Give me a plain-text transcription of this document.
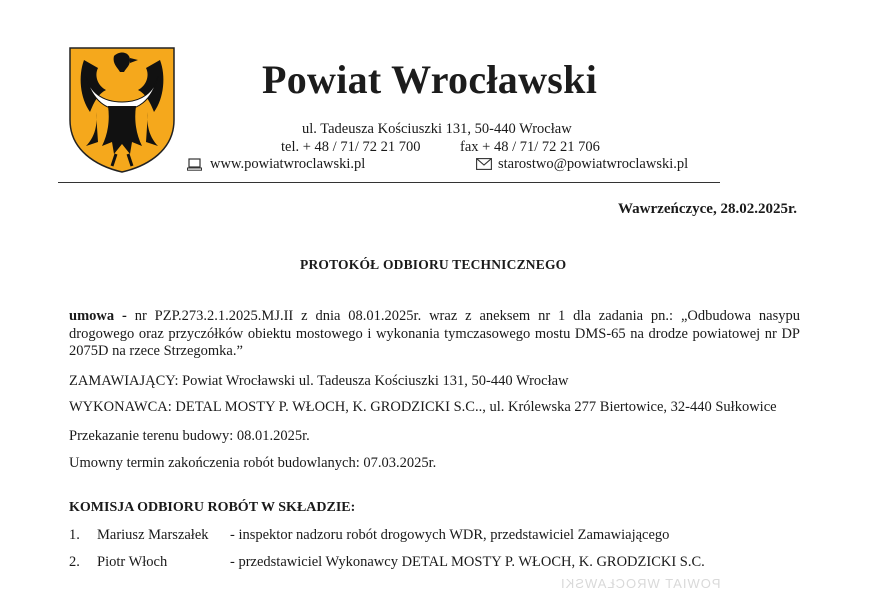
Powiat Wrocławski
ul. Tadeusza Kościuszki 131, 50-440 Wrocław
tel. + 48 / 71/ 72 21 700	fax + 48 / 71/ 72 21 706
www.powiatwroclawski.pl	starostwo@powiatwroclawski.pl
Wawrzeńczyce, 28.02.2025r.
PROTOKÓŁ ODBIORU TECHNICZNEGO
umowa - nr PZP.273.2.1.2025.MJ.II z dnia 08.01.2025r. wraz z aneksem nr 1 dla zadania pn.: „Odbudowa nasypu drogowego oraz przyczółków obiektu mostowego i wykonania tymczasowego mostu DMS-65 na drodze powiatowej nr DP 2075D na rzece Strzegomka.”
ZAMAWIAJĄCY: Powiat Wrocławski ul. Tadeusza Kościuszki 131, 50-440 Wrocław
WYKONAWCA: DETAL MOSTY P. WŁOCH, K. GRODZICKI S.C.., ul. Królewska 277 Biertowice, 32-440 Sułkowice
Przekazanie terenu budowy: 08.01.2025r.
Umowny termin zakończenia robót budowlanych: 07.03.2025r.
KOMISJA ODBIORU ROBÓT W SKŁADZIE:
1. Mariusz Marszałek - inspektor nadzoru robót drogowych WDR, przedstawiciel Zamawiającego
2. Piotr Włoch	- przedstawiciel Wykonawcy DETAL MOSTY P. WŁOCH, K. GRODZICKI S.C.
POWIAT WROCŁAWSKI
